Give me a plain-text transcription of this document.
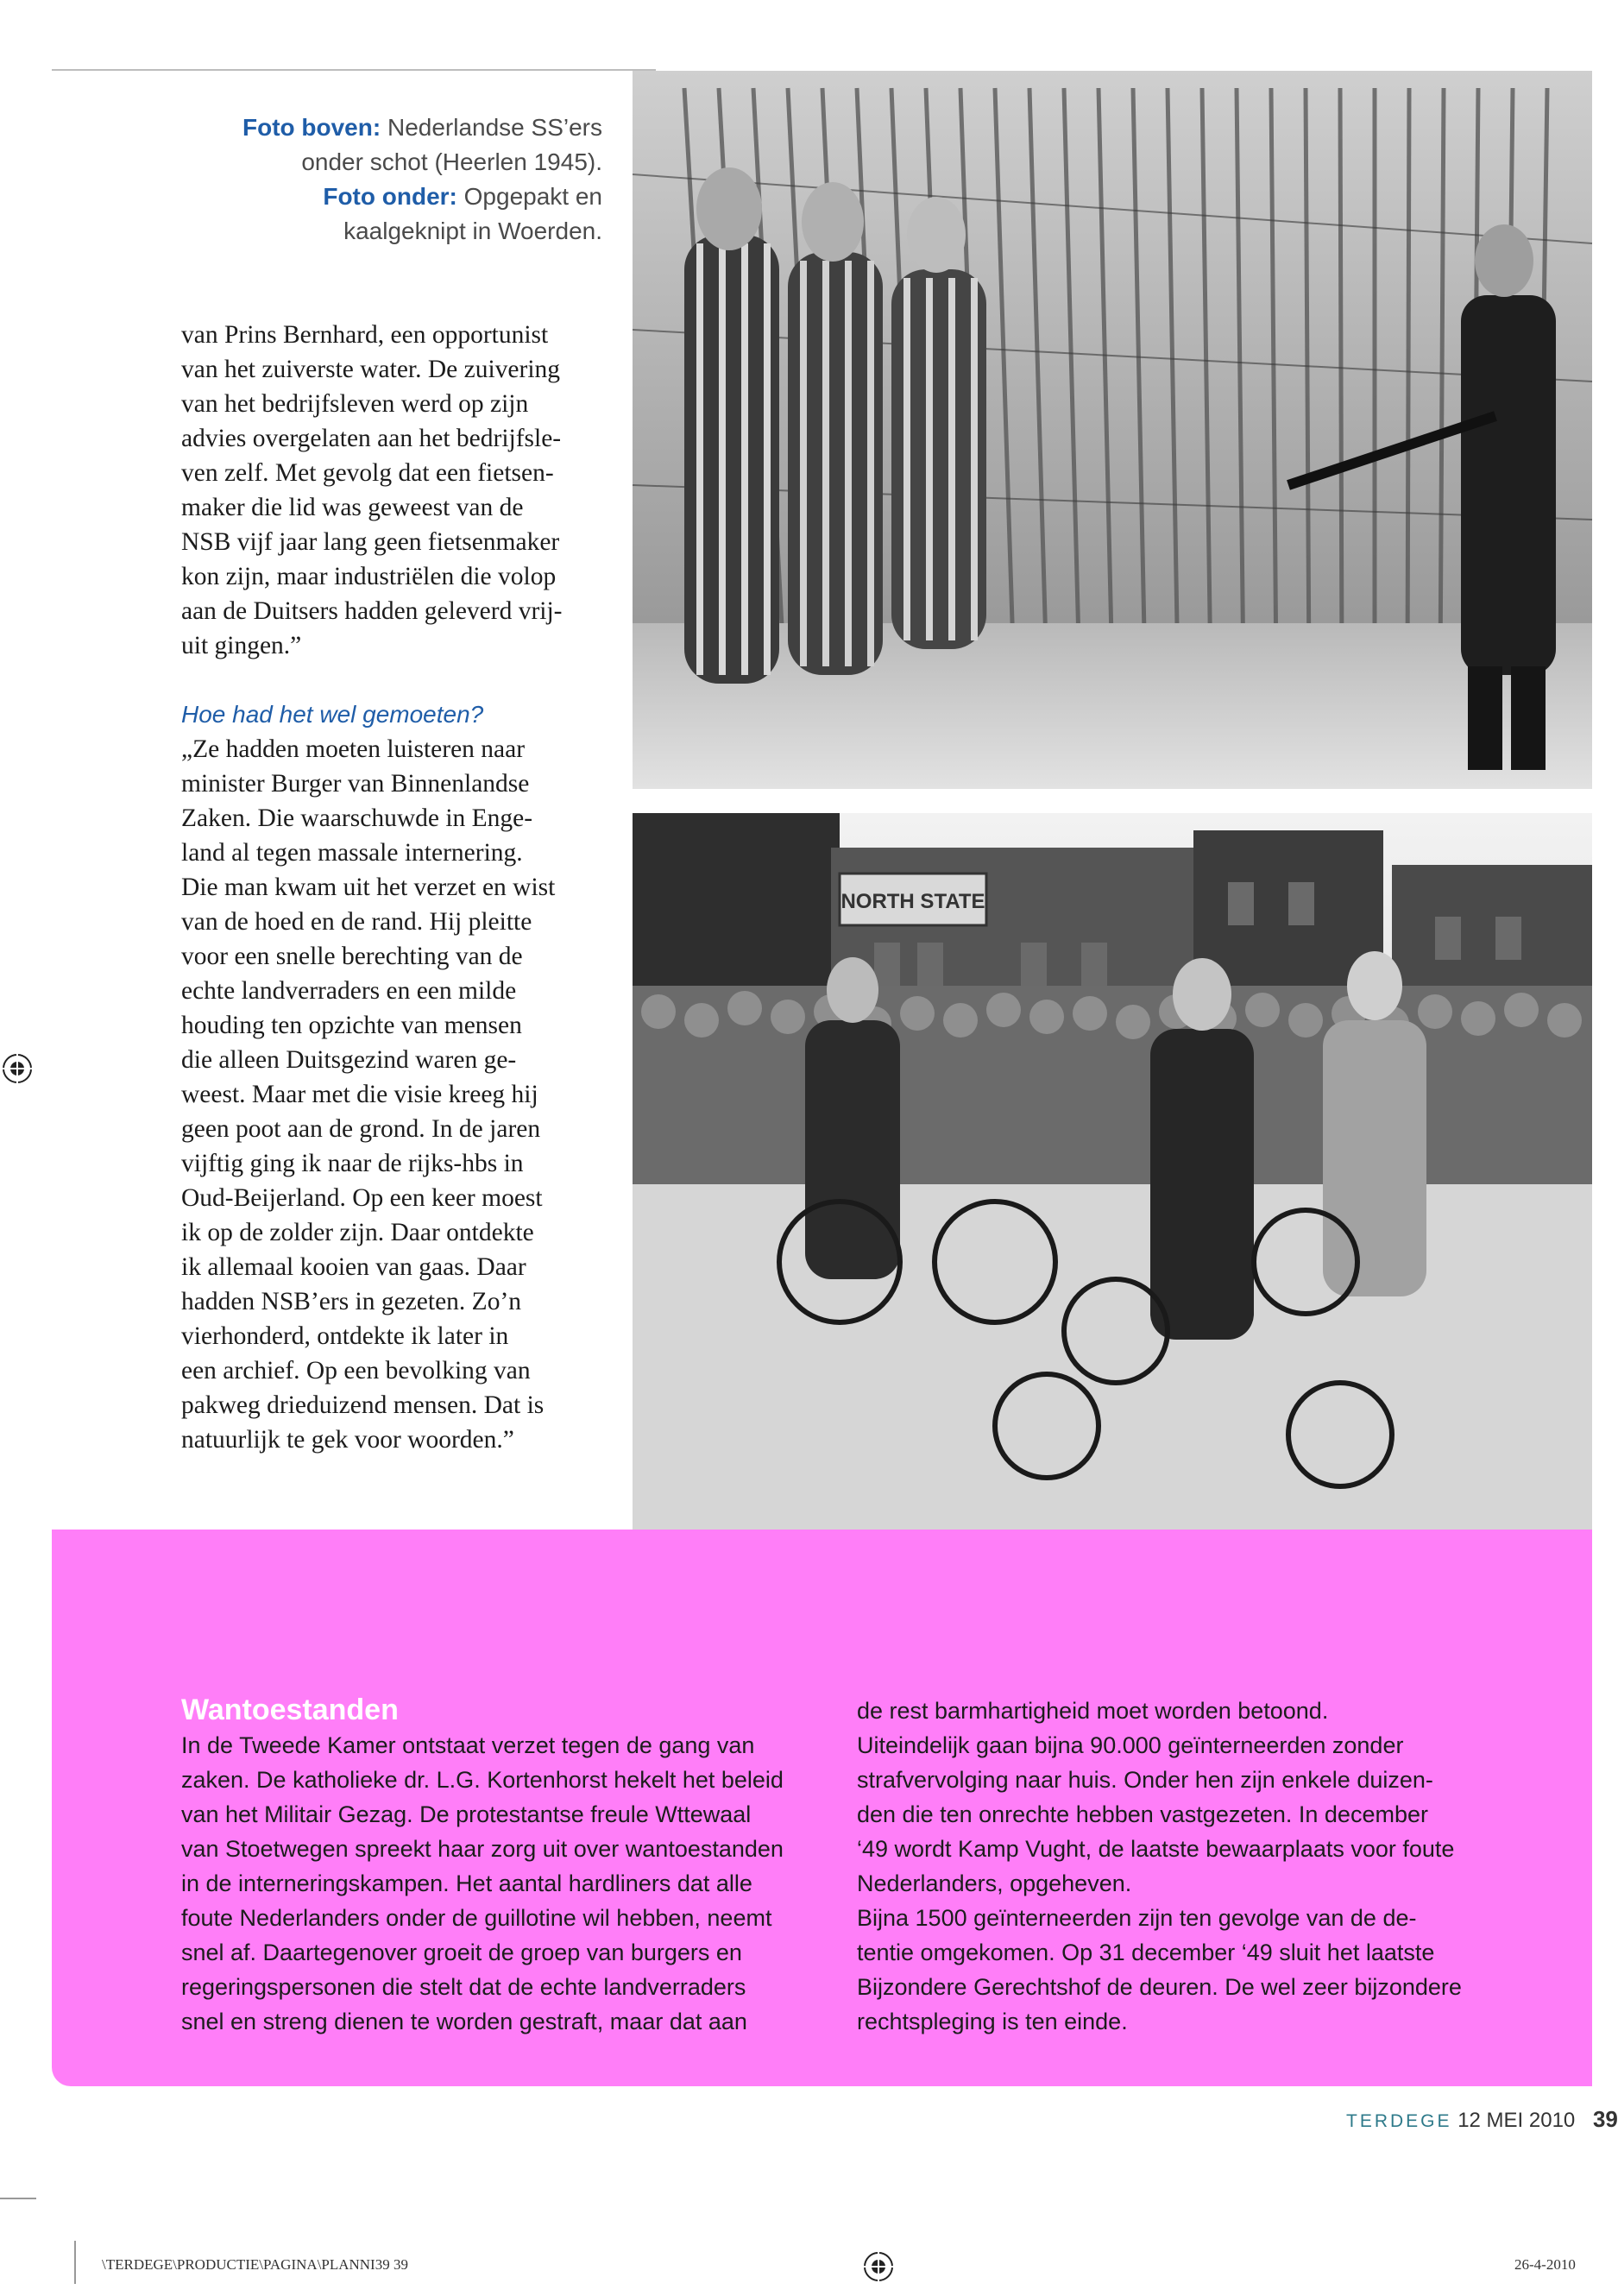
Foto boven: Nederlandse SS’ers
onder schot (Heerlen 1945).
Foto onder: Opgepakt en
kaalgeknipt in Woerden.

van Prins Bernhard, een opportunist

van het zuiverste water. De zuivering

van het bedrijfsleven werd op zijn

advies overgelaten aan het bedrijfsle-

ven zelf. Met gevolg dat een fietsen-

maker die lid was geweest van de

NSB vijf jaar lang geen fietsenmaker

kon zijn, maar industriëlen die volop

aan de Duitsers hadden geleverd vrij-

uit gingen.”

Hoe had het wel gemoeten?

„Ze hadden moeten luisteren naar

minister Burger van Binnenlandse

Zaken. Die waarschuwde in Enge-

land al tegen massale internering.

Die man kwam uit het verzet en wist

van de hoed en de rand. Hij pleitte

voor een snelle berechting van de

echte landverraders en een milde

houding ten opzichte van mensen

die alleen Duitsgezind waren ge-

weest. Maar met die visie kreeg hij

geen poot aan de grond. In de jaren

vijftig ging ik naar de rijks-hbs in

Oud-Beijerland. Op een keer moest

ik op de zolder zijn. Daar ontdekte

ik allemaal kooien van gaas. Daar

hadden NSB’ers in gezeten. Zo’n

vierhonderd, ontdekte ik later in

een archief. Op een bevolking van

pakweg drieduizend mensen. Dat is

natuurlijk te gek voor woorden.”

NORTH STATE
Wantoestanden

In de Tweede Kamer ontstaat verzet tegen de gang van

zaken. De katholieke dr. L.G. Kortenhorst hekelt het beleid

van het Militair Gezag. De protestantse freule Wttewaal

van Stoetwegen spreekt haar zorg uit over wantoestanden

in de interneringskampen. Het aantal hardliners dat alle

foute Nederlanders onder de guillotine wil hebben, neemt

snel af. Daartegenover groeit de groep van burgers en

regeringspersonen die stelt dat de echte landverraders

snel en streng dienen te worden gestraft, maar dat aan

de rest barmhartigheid moet worden betoond.

Uiteindelijk gaan bijna 90.000 geïnterneerden zonder

strafvervolging naar huis. Onder hen zijn enkele duizen-

den die ten onrechte hebben vastgezeten. In december

‘49 wordt Kamp Vught, de laatste bewaarplaats voor foute

Nederlanders, opgeheven.

Bijna 1500 geïnterneerden zijn ten gevolge van de de-

tentie omgekomen. Op 31 december ‘49 sluit het laatste

Bijzondere Gerechtshof de deuren. De wel zeer bijzondere

rechtspleging is ten einde.

TERDEGE 12 MEI 2010 39
\TERDEGE\PRODUCTIE\PAGINA\PLANNI39 39	26-4-2010
